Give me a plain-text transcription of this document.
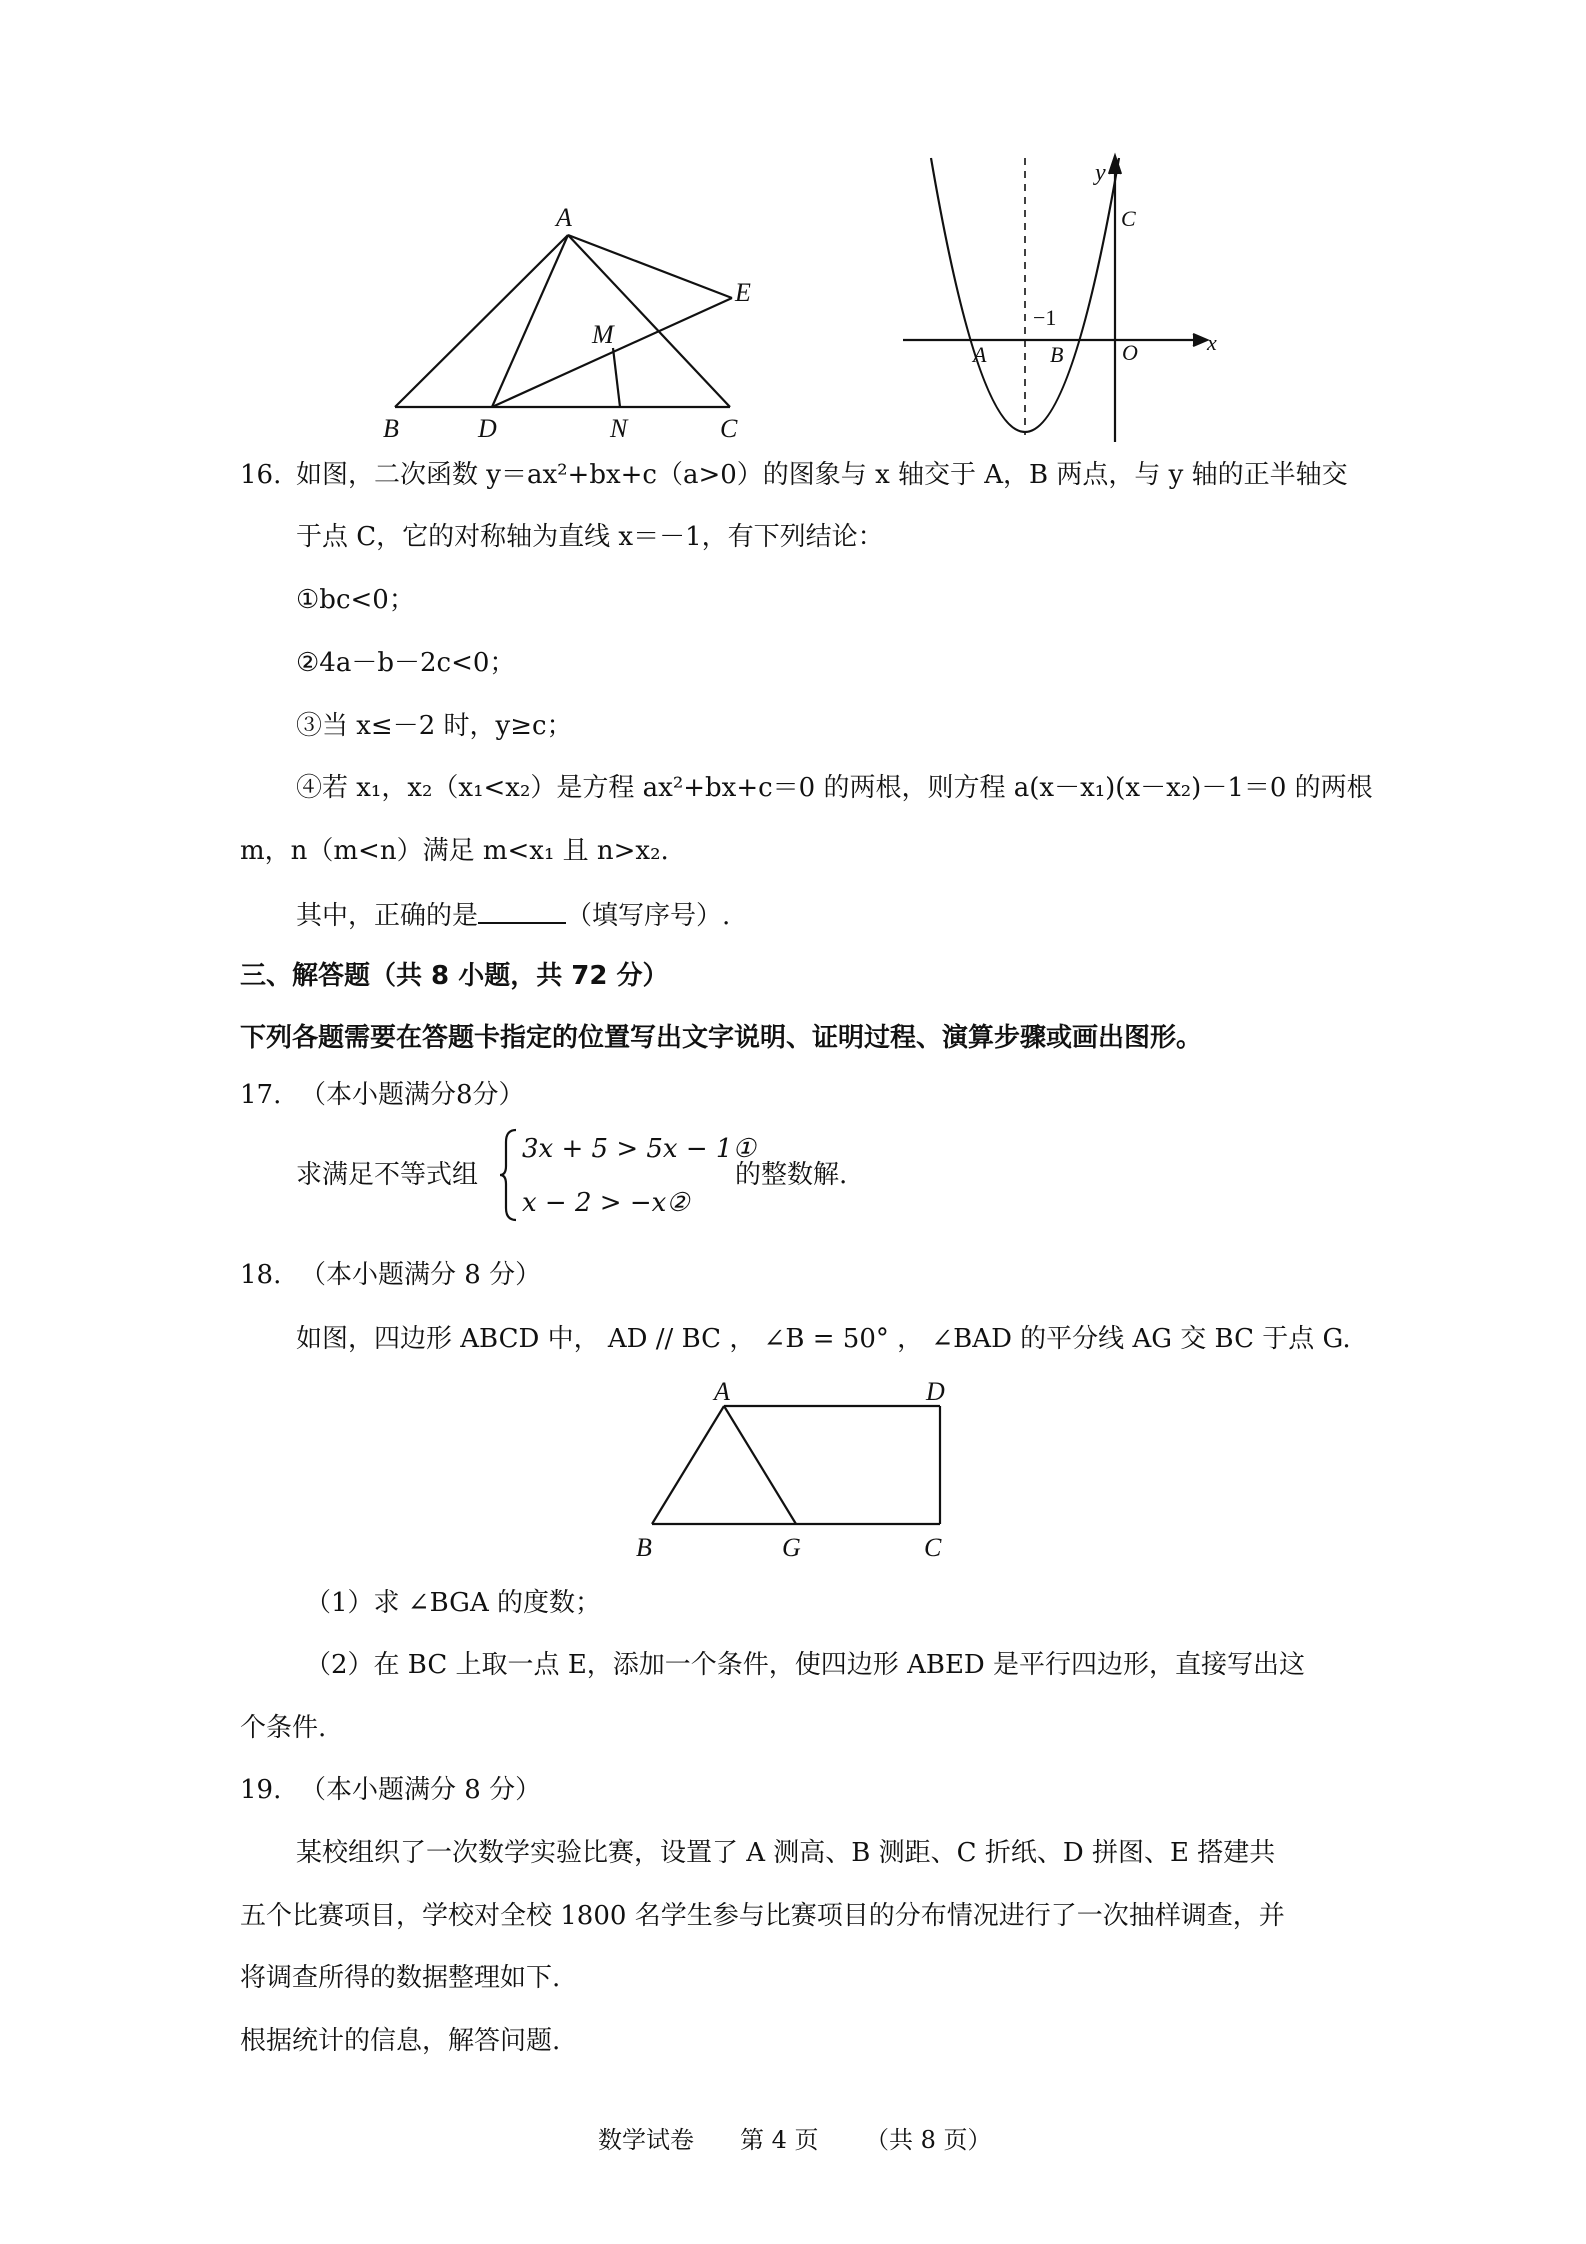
A
B	D	N	C
E
M
y
x
C
−1
A	B	O
16. 如图，二次函数 y＝ax²+bx+c（a>0）的图象与 x 轴交于 A，B 两点，与 y 轴的正半轴交
于点 C，它的对称轴为直线 x＝－1，有下列结论：
①bc<0；
②4a－b－2c<0；
③当 x≤－2 时，y≥c；
④若 x₁，x₂（x₁<x₂）是方程 ax²+bx+c＝0 的两根，则方程 a(x－x₁)(x－x₂)－1＝0 的两根
m，n（m<n）满足 m<x₁ 且 n>x₂.
其中，正确的是	（填写序号）.
三、解答题（共 8 小题，共 72 分）
下列各题需要在答题卡指定的位置写出文字说明、证明过程、演算步骤或画出图形。
17. （本小题满分8分）
求满足不等式组
3x + 5 > 5x − 1①
x − 2 > −x②
的整数解.
18. （本小题满分 8 分）
如图，四边形 ABCD 中， AD // BC ， ∠B = 50° ， ∠BAD 的平分线 AG 交 BC 于点 G.
A	D
B	G	C
（1）求 ∠BGA 的度数；
（2）在 BC 上取一点 E，添加一个条件，使四边形 ABED 是平行四边形，直接写出这
个条件.
19. （本小题满分 8 分）
某校组织了一次数学实验比赛，设置了 A 测高、B 测距、C 折纸、D 拼图、E 搭建共
五个比赛项目，学校对全校 1800 名学生参与比赛项目的分布情况进行了一次抽样调查，并
将调查所得的数据整理如下.
根据统计的信息，解答问题.
数学试卷 第 4 页 （共 8 页）
